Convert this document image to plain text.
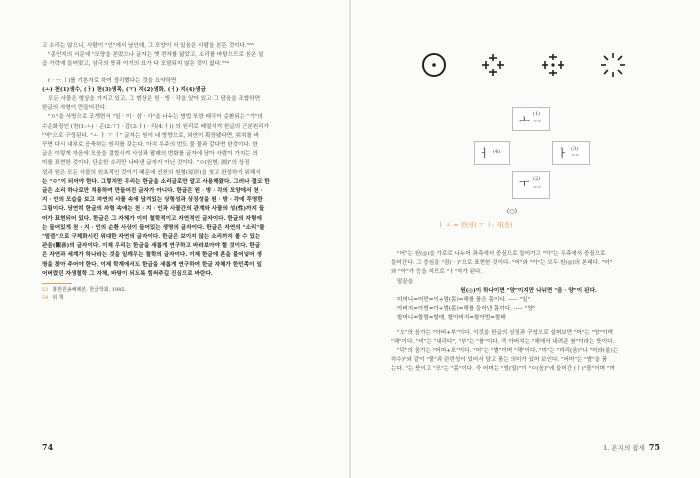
고 소리는 않으니, 사람이 "인"에서 남인데, 그 모양이 서 있음은 사람을 본뜬 것이다."⁵³
"종인지의 서문에 "모양을 본떴으나 글자는 옛 전자를 닮았고, 소리를 바탕으므로 음은 일
곱 가락에 들어맞고, 삼극의 뜻과 이기의 묘가 다 포함되지 않은 것이 없다."⁵⁴
( · ㅡ ㅣ)를 기본자로 하여 정리했다는 것을 요약하면
(ㅗ) 천(1)생수, (ㅏ) 천(3)생목, (ㅜ) 지(2)생화, (ㅓ) 지(4)생금
모든 사물은 형상을 가지고 있고, 그 형상은 원 · 방 · 각을 알아 있고 그 담음을 조합하면
한글의 자형이 만들어진다.
"ㅇ"을 사방으로 조개변서 "일 · 이 · 삼 · 사"을 나누는 방법 또한 태극이 순환되는 "기"의
수순화장인 (천(1:ㅗ) · 곤(2:ㅜ) · 감(3:ㅏ) · 리(4:ㅓ)) 의 원리로 배열시켜 한글의 근본원리가
"역"으로 구성된다. "ㅗ ㅏ ㅜ ㅓ" 글자는 원이 네 방향으로, 외연이 확장됐다면, 위치를 바
꾸면 다시 내부로 응축하는 원리를 갖는다. 아치 우주의 번도 물 물과 같다면 한것이다. 한
글은 이렇게 자음에 모음을 결합시켜 사상과 팔괘의 변화를 글자에 담아 사람이 가지는 의
미를 표현한 것이다. 단순한 소리만 나타낸 글자가 아닌 것이다. "ㅇ(원형: 圓)"의 상징
성과 원은 모든 사물의 원초적인 것이기 때문에 선천의 원형(原形)을 첫고 완성하기 위해서
는 "ㅇ"이 되어야 한다. 그렇지만 우리는 한글을 소리글로만 알고 사용해왔다. 그러나 결코 한
글은 소리 하나로만 적용하여 만들어진 글자가 아니다. 한글은 원 · 방 · 각의 모양에서 천 ·
지 · 인의 모습을 보고 자연의 사물 속에 담겨있는 상형성과 상징성을 원 · 방 · 각에 투영한
그림이다. 당연히 한글의 자형 속에는 천 · 지 · 인과 사물간의 관계와 사물의 성(性)까지 들
어가 표현되어 있다. 한글은 그 자체가 이미 철학적이고 자연적인 글자이다. 한글의 자형에
는 들어있게 천 · 지 · 인의 순환 사상이 들어있는 생명의 글자이다. 한글은 자연의 "소리"를
"말즘"으로 구체화시킨 위대한 자연의 글자이다. 한글은 보이지 않는 소리까지 볼 수 있는
관음(觀音)의 글자이다. 이제 우리는 한글을 새롭게 연구하고 바라보아야 할 것이다. 한글
은 자연과 세계가 하나라는 것을 일깨우는 철학의 글자이다. 이제 한글에 혼을 불어넣어 생
명을 찾아 주어야 한다. 이제 학계에서도 한글을 새롭게 연구하여 한글 자체가 한민족이 일
어버렸던 자생철학 그 자체, 바탕이 되도록 힘써주길 진심으로 바란다.
53 홍한원송해례본, 한글학회, 1985.
54 위 책
74
"어"는 원(◎)을 가로로 나누어 좌측에서 중심으로 들어가고 "아"는 우측에서 중심으로
들어간다. 그 중심을 "점( · )"으로 표현한 것이다. "어"와 "아"는 모두 원(◎)의 본래다. "어"
와 "아"가 등을 지므로 "ㅏ"자가 된다.
말끝을
원(◎)이 하나이면 "양"이지만 나뉘면 "음 · 양"이 된다.
어머니=어먼=이+멈(몸)=해를 품은 몸이다. ----- "일"
아버지=아범=아+범(몸)=해를 들어낸 몸이다. ----- "양"
할머니=할멈=할매, 할아버지=할아범=할배
"오"의 음가는 "아버+부"이다. 이것을 한글의 상징과 구성으로 살펴보면 "어"는 "양"이며
"해"이다. "비"는 "내리다", "부"는 "붐"이다. 즉 아버지는 "해에서 내려준 붐"이라는 뜻이다.
"덕"의 음가는 "어머+모"이다. "어"는 "볕"이며 "해"이다. "미"는 "미리(움)"나 "미라(울)는
하수)"와 같이 "물"과 관련성이 있어서 담고 품는 의미가 있어 보인다. "어머"는 "볕"을 품
는다. "는 뜻이고 "모"는 "몸"이다. 즉 어머는 "엄(얼)"이 "ㅁ(음)"에 들어간 (ㅣ)"볼"이며 "여
1. 본지의 잡세 75
ㅗ (1)
==
ㅓ (4)	ㅏ (3)
==
ㅜ (2)
==
(○)
ㅏ ㅗ = 천(양) ㅜ ㅓ: 지(음)
